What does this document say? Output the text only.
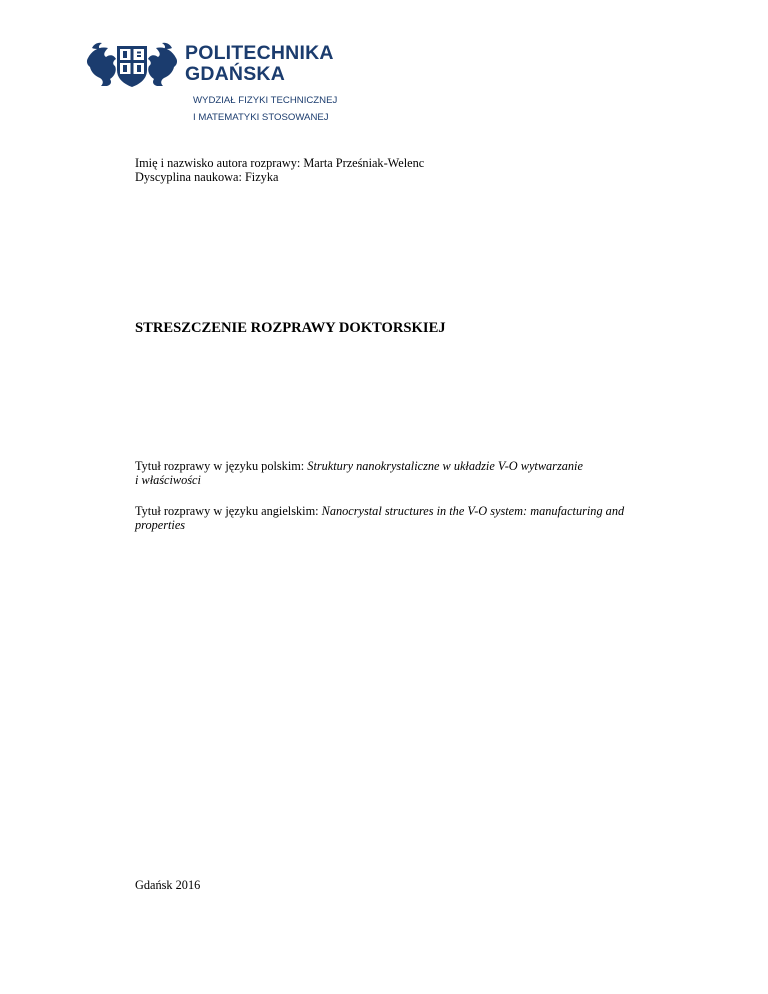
POLITECHNIKA
GDAŃSKA
WYDZIAŁ FIZYKI TECHNICZNEJ
I MATEMATYKI STOSOWANEJ
Imię i nazwisko autora rozprawy: Marta Prześniak-Welenc
Dyscyplina naukowa: Fizyka
STRESZCZENIE ROZPRAWY DOKTORSKIEJ
Tytuł rozprawy w języku polskim: Struktury nanokrystaliczne w układzie V-O wytwarzanie
i właściwości
Tytuł rozprawy w języku angielskim: Nanocrystal structures in the V-O system: manufacturing and
properties
Gdańsk 2016
